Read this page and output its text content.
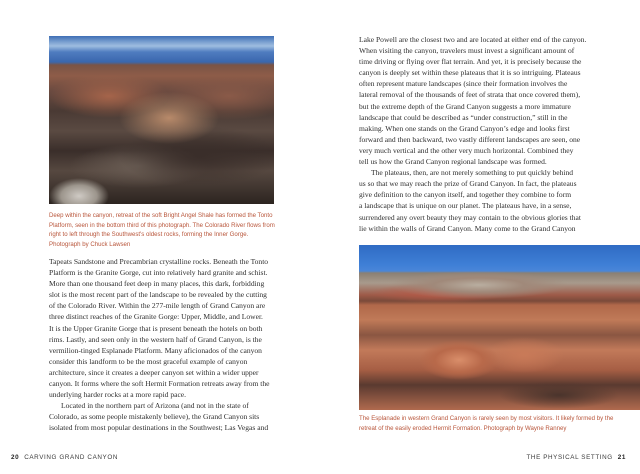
Deep within the canyon, retreat of the soft Bright Angel Shale has formed the Tonto Platform, seen in the bottom third of this photograph. The Colorado River flows from right to left through the Southwest's oldest rocks, forming the Inner Gorge. Photograph by Chuck Lawsen

Tapeats Sandstone and Precambrian crystalline rocks. Beneath the Tonto
Platform is the Granite Gorge, cut into relatively hard granite and schist.
More than one thousand feet deep in many places, this dark, forbidding
slot is the most recent part of the landscape to be revealed by the cutting
of the Colorado River. Within the 277-mile length of Grand Canyon are
three distinct reaches of the Granite Gorge: Upper, Middle, and Lower.
It is the Upper Granite Gorge that is present beneath the hotels on both
rims. Lastly, and seen only in the western half of Grand Canyon, is the
vermilion-tinged Esplanade Platform. Many aficionados of the canyon
consider this landform to be the most graceful example of canyon
architecture, since it creates a deeper canyon set within a wider upper
canyon. It forms where the soft Hermit Formation retreats away from the
underlying harder rocks at a more rapid pace.

Located in the northern part of Arizona (and not in the state of
Colorado, as some people mistakenly believe), the Grand Canyon sits
isolated from most popular destinations in the Southwest; Las Vegas and

20 CARVING GRAND CANYON

Lake Powell are the closest two and are located at either end of the canyon.
When visiting the canyon, travelers must invest a significant amount of
time driving or flying over flat terrain. And yet, it is precisely because the
canyon is deeply set within these plateaus that it is so intriguing. Plateaus
often represent mature landscapes (since their formation involves the
lateral removal of the thousands of feet of strata that once covered them),
but the extreme depth of the Grand Canyon suggests a more immature
landscape that could be described as “under construction,” still in the
making. When one stands on the Grand Canyon’s edge and looks first
forward and then backward, two vastly different landscapes are seen, one
very much vertical and the other very much horizontal. Combined they
tell us how the Grand Canyon regional landscape was formed.

The plateaus, then, are not merely something to put quickly behind
us so that we may reach the prize of Grand Canyon. In fact, the plateaus
give definition to the canyon itself, and together they combine to form
a landscape that is unique on our planet. The plateaus have, in a sense,
surrendered any overt beauty they may contain to the obvious glories that
lie within the walls of Grand Canyon. Many come to the Grand Canyon

The Esplanade in western Grand Canyon is rarely seen by most visitors. It likely formed by the retreat of the easily eroded Hermit Formation. Photograph by Wayne Ranney

THE PHYSICAL SETTING 21
